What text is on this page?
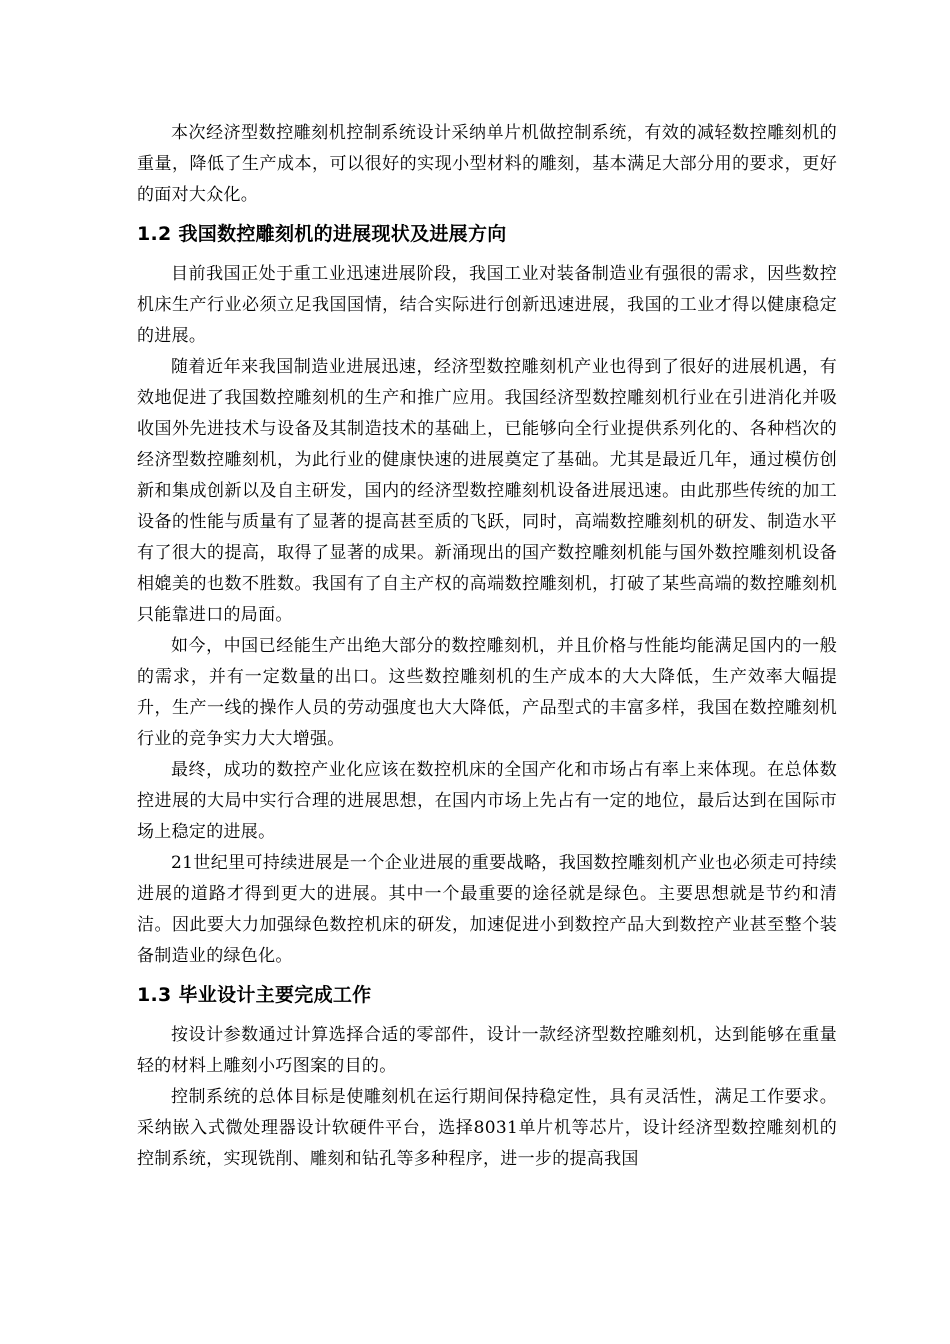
本次经济型数控雕刻机控制系统设计采纳单片机做控制系统，有效的减轻数控雕刻机的重量，降低了生产成本，可以很好的实现小型材料的雕刻，基本满足大部分用的要求，更好的面对大众化。

1.2 我国数控雕刻机的进展现状及进展方向

目前我国正处于重工业迅速进展阶段，我国工业对装备制造业有强很的需求，因些数控机床生产行业必须立足我国国情，结合实际进行创新迅速进展，我国的工业才得以健康稳定的进展。

随着近年来我国制造业进展迅速，经济型数控雕刻机产业也得到了很好的进展机遇，有效地促进了我国数控雕刻机的生产和推广应用。我国经济型数控雕刻机行业在引进消化并吸收国外先进技术与设备及其制造技术的基础上，已能够向全行业提供系列化的、各种档次的经济型数控雕刻机，为此行业的健康快速的进展奠定了基础。尤其是最近几年，通过模仿创新和集成创新以及自主研发，国内的经济型数控雕刻机设备进展迅速。由此那些传统的加工设备的性能与质量有了显著的提高甚至质的飞跃，同时，高端数控雕刻机的研发、制造水平有了很大的提高，取得了显著的成果。新涌现出的国产数控雕刻机能与国外数控雕刻机设备相媲美的也数不胜数。我国有了自主产权的高端数控雕刻机，打破了某些高端的数控雕刻机只能靠进口的局面。

如今，中国已经能生产出绝大部分的数控雕刻机，并且价格与性能均能满足国内的一般的需求，并有一定数量的出口。这些数控雕刻机的生产成本的大大降低，生产效率大幅提升，生产一线的操作人员的劳动强度也大大降低，产品型式的丰富多样，我国在数控雕刻机行业的竞争实力大大增强。

最终，成功的数控产业化应该在数控机床的全国产化和市场占有率上来体现。在总体数控进展的大局中实行合理的进展思想，在国内市场上先占有一定的地位，最后达到在国际市场上稳定的进展。

21世纪里可持续进展是一个企业进展的重要战略，我国数控雕刻机产业也必须走可持续进展的道路才得到更大的进展。其中一个最重要的途径就是绿色。主要思想就是节约和清洁。因此要大力加强绿色数控机床的研发，加速促进小到数控产品大到数控产业甚至整个装备制造业的绿色化。

1.3 毕业设计主要完成工作

按设计参数通过计算选择合适的零部件，设计一款经济型数控雕刻机，达到能够在重量轻的材料上雕刻小巧图案的目的。

控制系统的总体目标是使雕刻机在运行期间保持稳定性，具有灵活性，满足工作要求。采纳嵌入式微处理器设计软硬件平台，选择8031单片机等芯片，设计经济型数控雕刻机的控制系统，实现铣削、雕刻和钻孔等多种程序，进一步的提高我国
